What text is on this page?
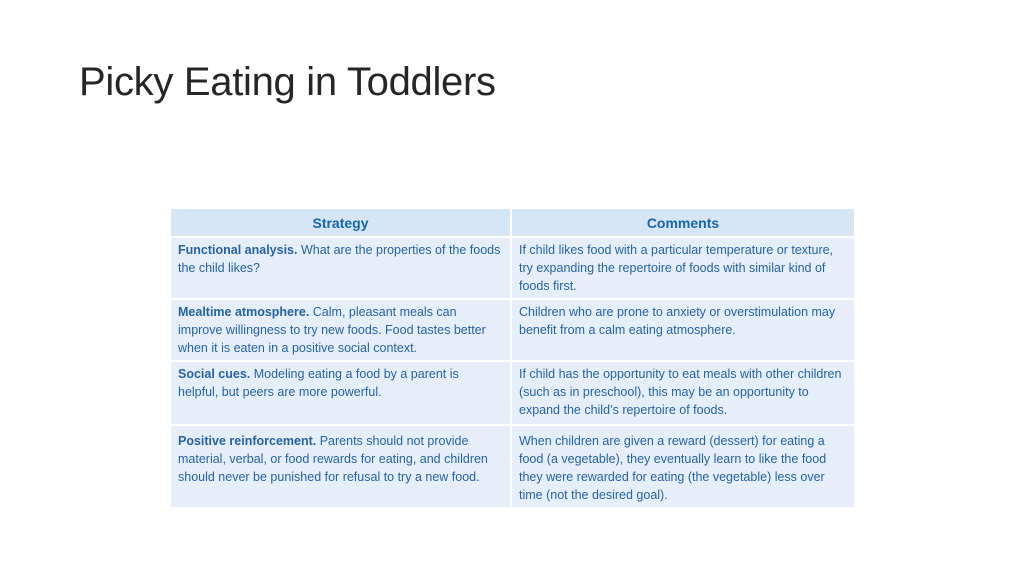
Picky Eating in Toddlers
Strategy	Comments
Functional analysis. What are the properties of the foods the child likes?	If child likes food with a particular temperature or texture, try expanding the repertoire of foods with similar kind of foods first.
Mealtime atmosphere. Calm, pleasant meals can improve willingness to try new foods. Food tastes better when it is eaten in a positive social context.	Children who are prone to anxiety or overstimulation may benefit from a calm eating atmosphere.
Social cues. Modeling eating a food by a parent is helpful, but peers are more powerful.	If child has the opportunity to eat meals with other children (such as in preschool), this may be an opportunity to expand the child’s repertoire of foods.
Positive reinforcement. Parents should not provide material, verbal, or food rewards for eating, and children should never be punished for refusal to try a new food.	When children are given a reward (dessert) for eating a food (a vegetable), they eventually learn to like the food they were rewarded for eating (the vegetable) less over time (not the desired goal).
